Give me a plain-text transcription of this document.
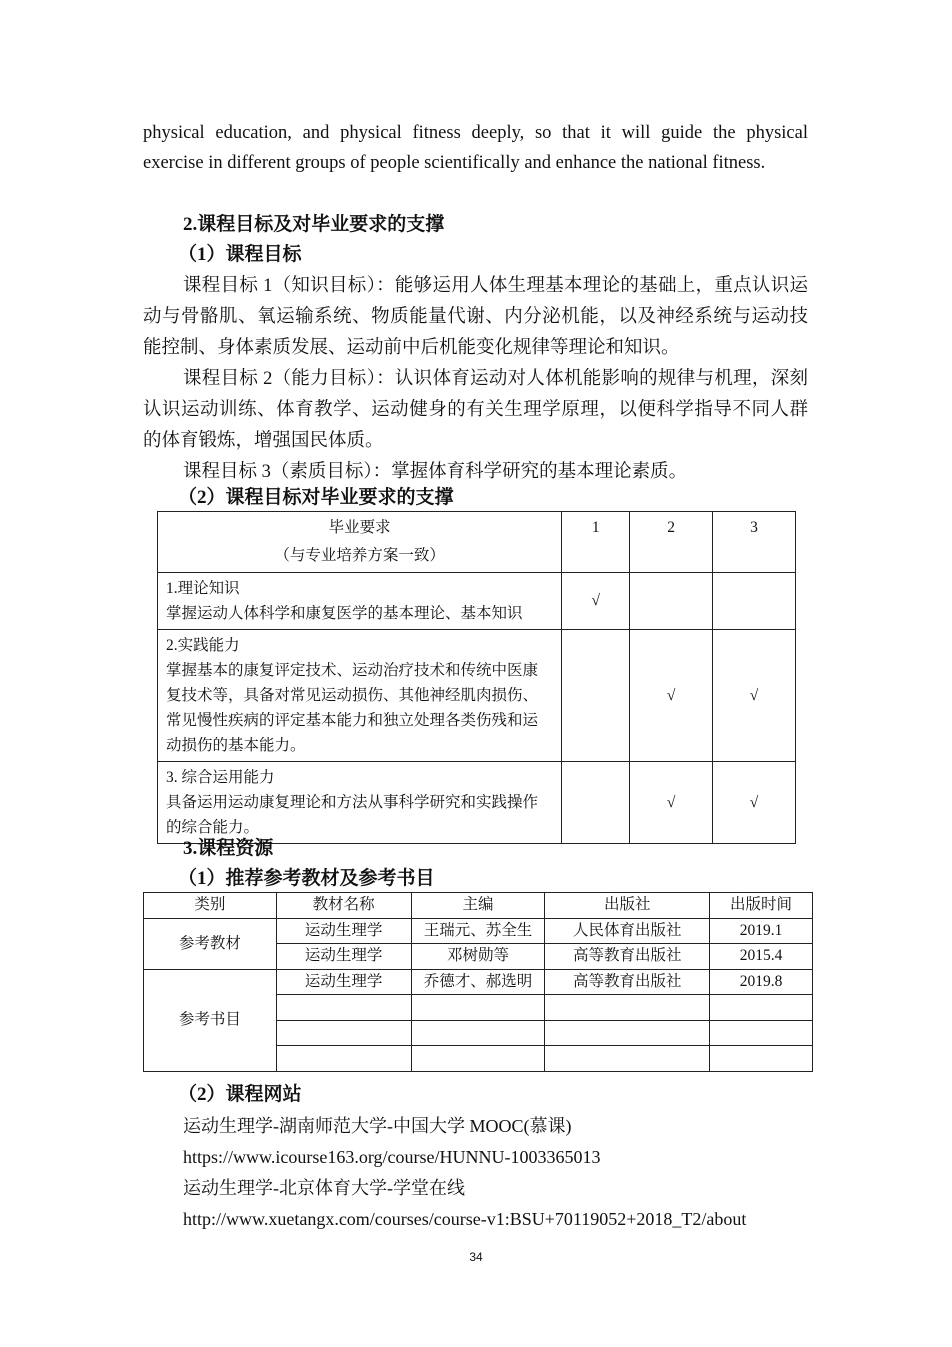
physical education, and physical fitness deeply, so that it will guide the physical

exercise in different groups of people scientifically and enhance the national fitness.

2.课程目标及对毕业要求的支撑
（1）课程目标

课程目标 1（知识目标）：能够运用人体生理基本理论的基础上，重点认识运动与骨骼肌、氧运输系统、物质能量代谢、内分泌机能，以及神经系统与运动技能控制、身体素质发展、运动前中后机能变化规律等理论和知识。

课程目标 2（能力目标）：认识体育运动对人体机能影响的规律与机理，深刻认识运动训练、体育教学、运动健身的有关生理学原理，以便科学指导不同人群的体育锻炼，增强国民体质。

课程目标 3（素质目标）：掌握体育科学研究的基本理论素质。

（2）课程目标对毕业要求的支撑
毕业要求
（与专业培养方案一致）	1	2	3

1.理论知识
掌握运动人体科学和康复医学的基本理论、基本知识	√		

2.实践能力
掌握基本的康复评定技术、运动治疗技术和传统中医康复技术等，具备对常见运动损伤、其他神经肌肉损伤、常见慢性疾病的评定基本能力和独立处理各类伤残和运动损伤的基本能力。		√	√

3. 综合运用能力
具备运用运动康复理论和方法从事科学研究和实践操作的综合能力。		√	√
3.课程资源
（1）推荐参考教材及参考书目
类别	教材名称	主编	出版社	出版时间
参考教材	运动生理学	王瑞元、苏全生	人民体育出版社	2019.1
	运动生理学	邓树勋等	高等教育出版社	2015.4
参考书目	运动生理学	乔德才、郝选明	高等教育出版社	2019.8

（2）课程网站
运动生理学-湖南师范大学-中国大学 MOOC(慕课)
https://www.icourse163.org/course/HUNNU-1003365013
运动生理学-北京体育大学-学堂在线
http://www.xuetangx.com/courses/course-v1:BSU+70119052+2018_T2/about
34
